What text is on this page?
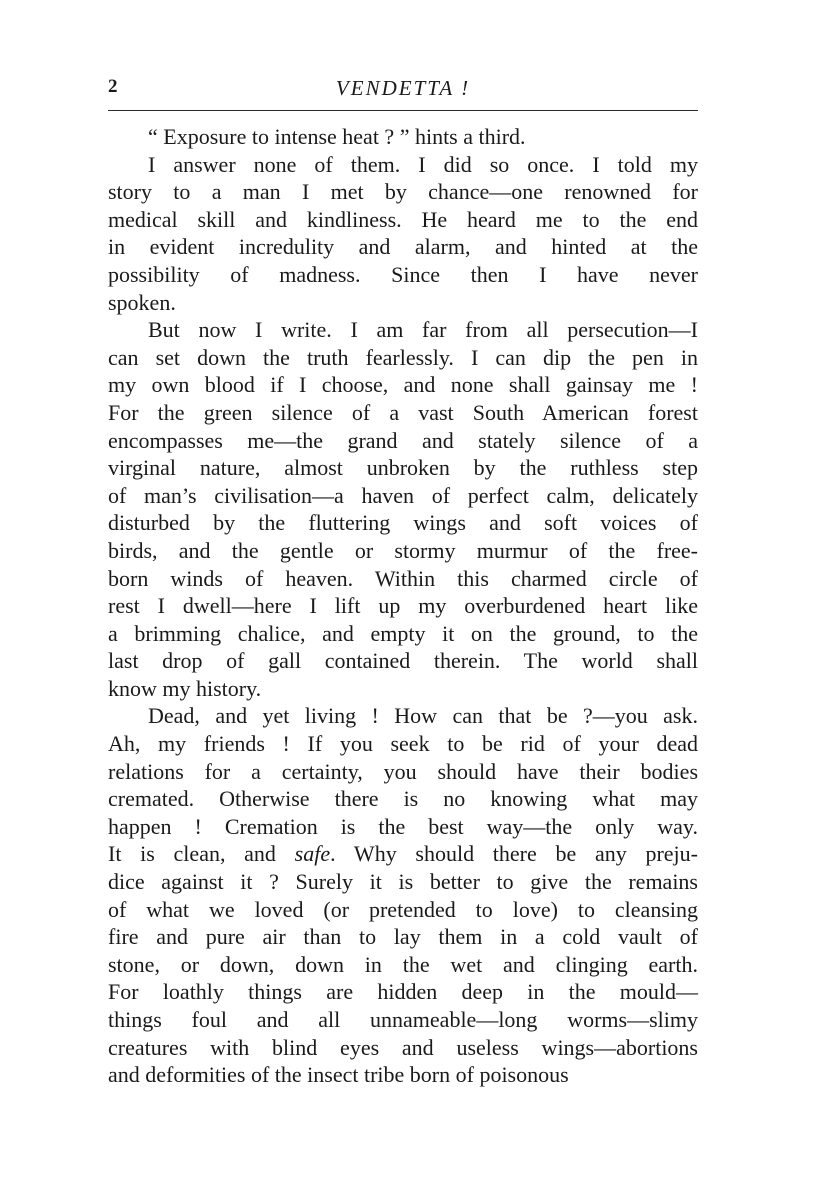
2	VENDETTA !
“ Exposure to intense heat ? ” hints a third.
I answer none of them. I did so once. I told my
story to a man I met by chance—one renowned for
medical skill and kindliness. He heard me to the end
in evident incredulity and alarm, and hinted at the
possibility of madness. Since then I have never
spoken.
But now I write. I am far from all persecution—I
can set down the truth fearlessly. I can dip the pen in
my own blood if I choose, and none shall gainsay me !
For the green silence of a vast South American forest
encompasses me—the grand and stately silence of a
virginal nature, almost unbroken by the ruthless step
of man’s civilisation—a haven of perfect calm, delicately
disturbed by the fluttering wings and soft voices of
birds, and the gentle or stormy murmur of the free-
born winds of heaven. Within this charmed circle of
rest I dwell—here I lift up my overburdened heart like
a brimming chalice, and empty it on the ground, to the
last drop of gall contained therein. The world shall
know my history.
Dead, and yet living ! How can that be ?—you ask.
Ah, my friends ! If you seek to be rid of your dead
relations for a certainty, you should have their bodies
cremated. Otherwise there is no knowing what may
happen ! Cremation is the best way—the only way.
It is clean, and safe. Why should there be any preju-
dice against it ? Surely it is better to give the remains
of what we loved (or pretended to love) to cleansing
fire and pure air than to lay them in a cold vault of
stone, or down, down in the wet and clinging earth.
For loathly things are hidden deep in the mould—
things foul and all unnameable—long worms—slimy
creatures with blind eyes and useless wings—abortions
and deformities of the insect tribe born of poisonous
